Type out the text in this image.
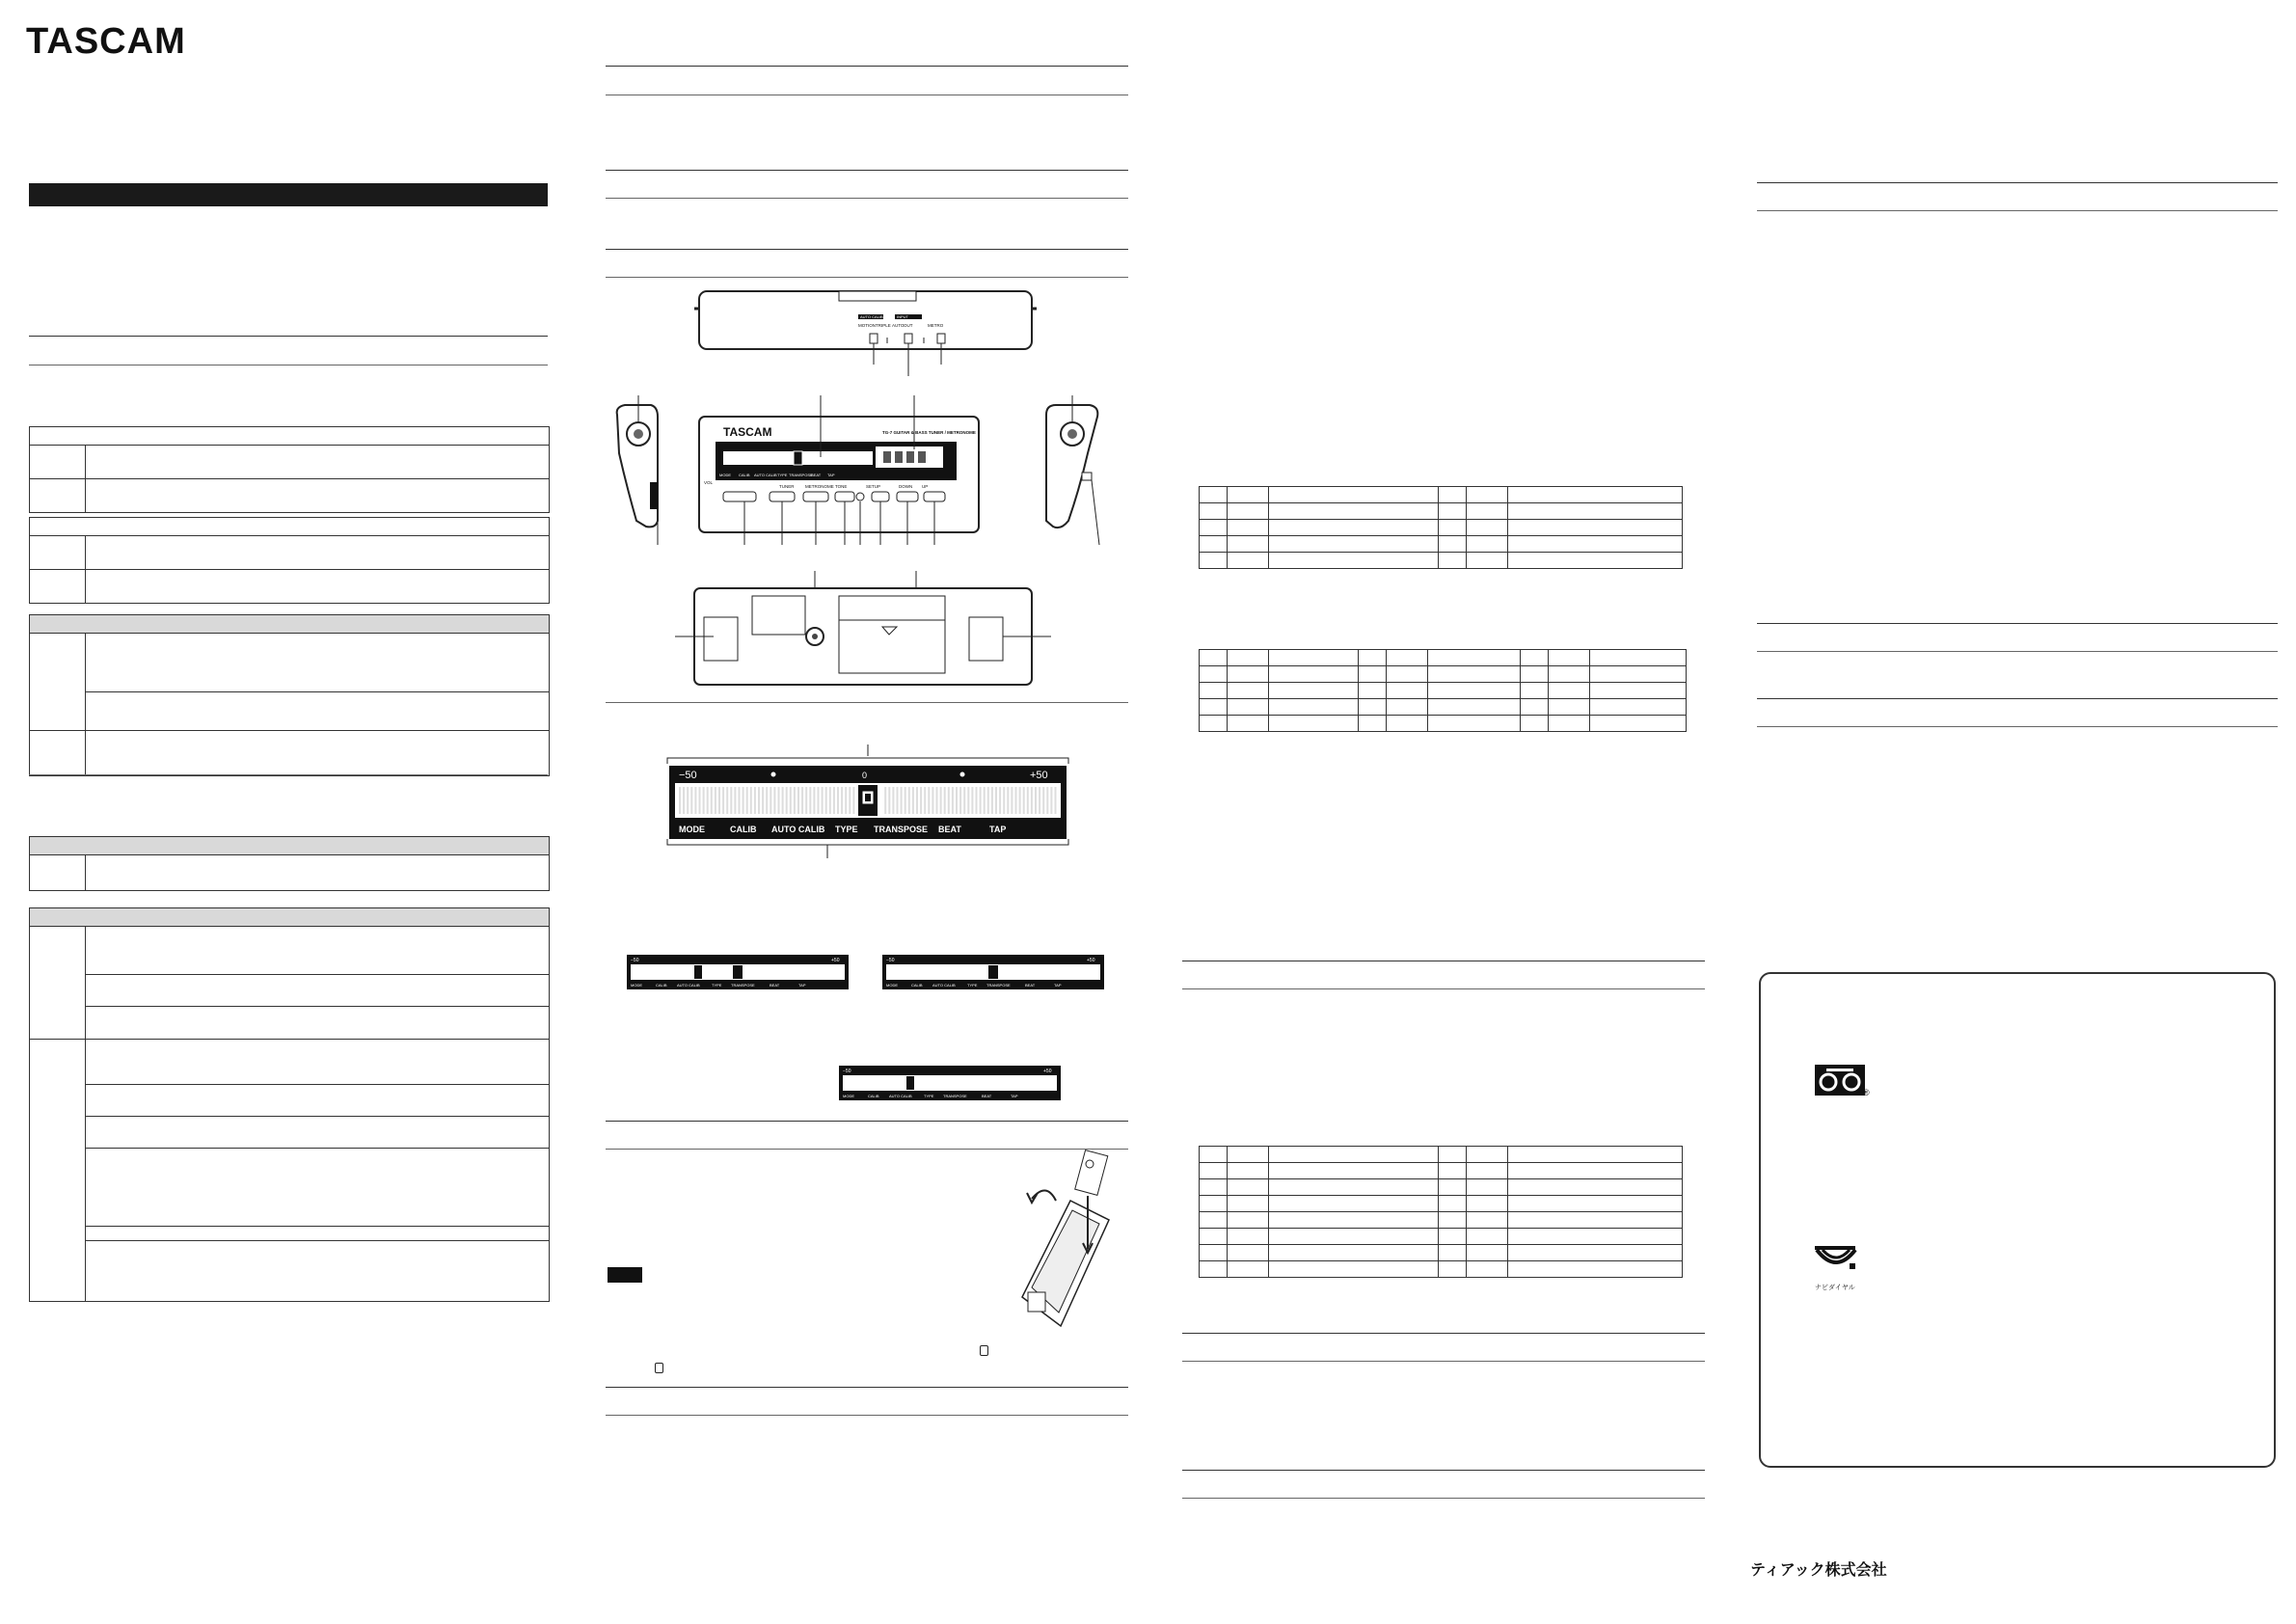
TASCAM

AUTO CALIB	INPUT
MOTION TRIPLE AUTO OUT	METRO
TASCAM	TG-7 GUITAR & BASS TUNER / METRONOME
VOL
MODE CALIB AUTO CALIB TYPE TRANSPOSE
BEAT TAP
TUNER	METRONOME TONE	SETUP	DOWN UP
−50	0	+50
MODE	CALIB AUTO CALIB TYPE TRANSPOSE BEAT	TAP
−50	+50
MODE	CALIB	AUTO CALIB	TYPE TRANSPOSE	BEAT	TAP
−50	+50
MODE	CALIB	AUTO CALIB	TYPE TRANSPOSE	BEAT	TAP
−50	+50
MODE	CALIB	AUTO CALIB	TYPE TRANSPOSE	BEAT	TAP

						®
ナビダイヤル
ティアック株式会社
